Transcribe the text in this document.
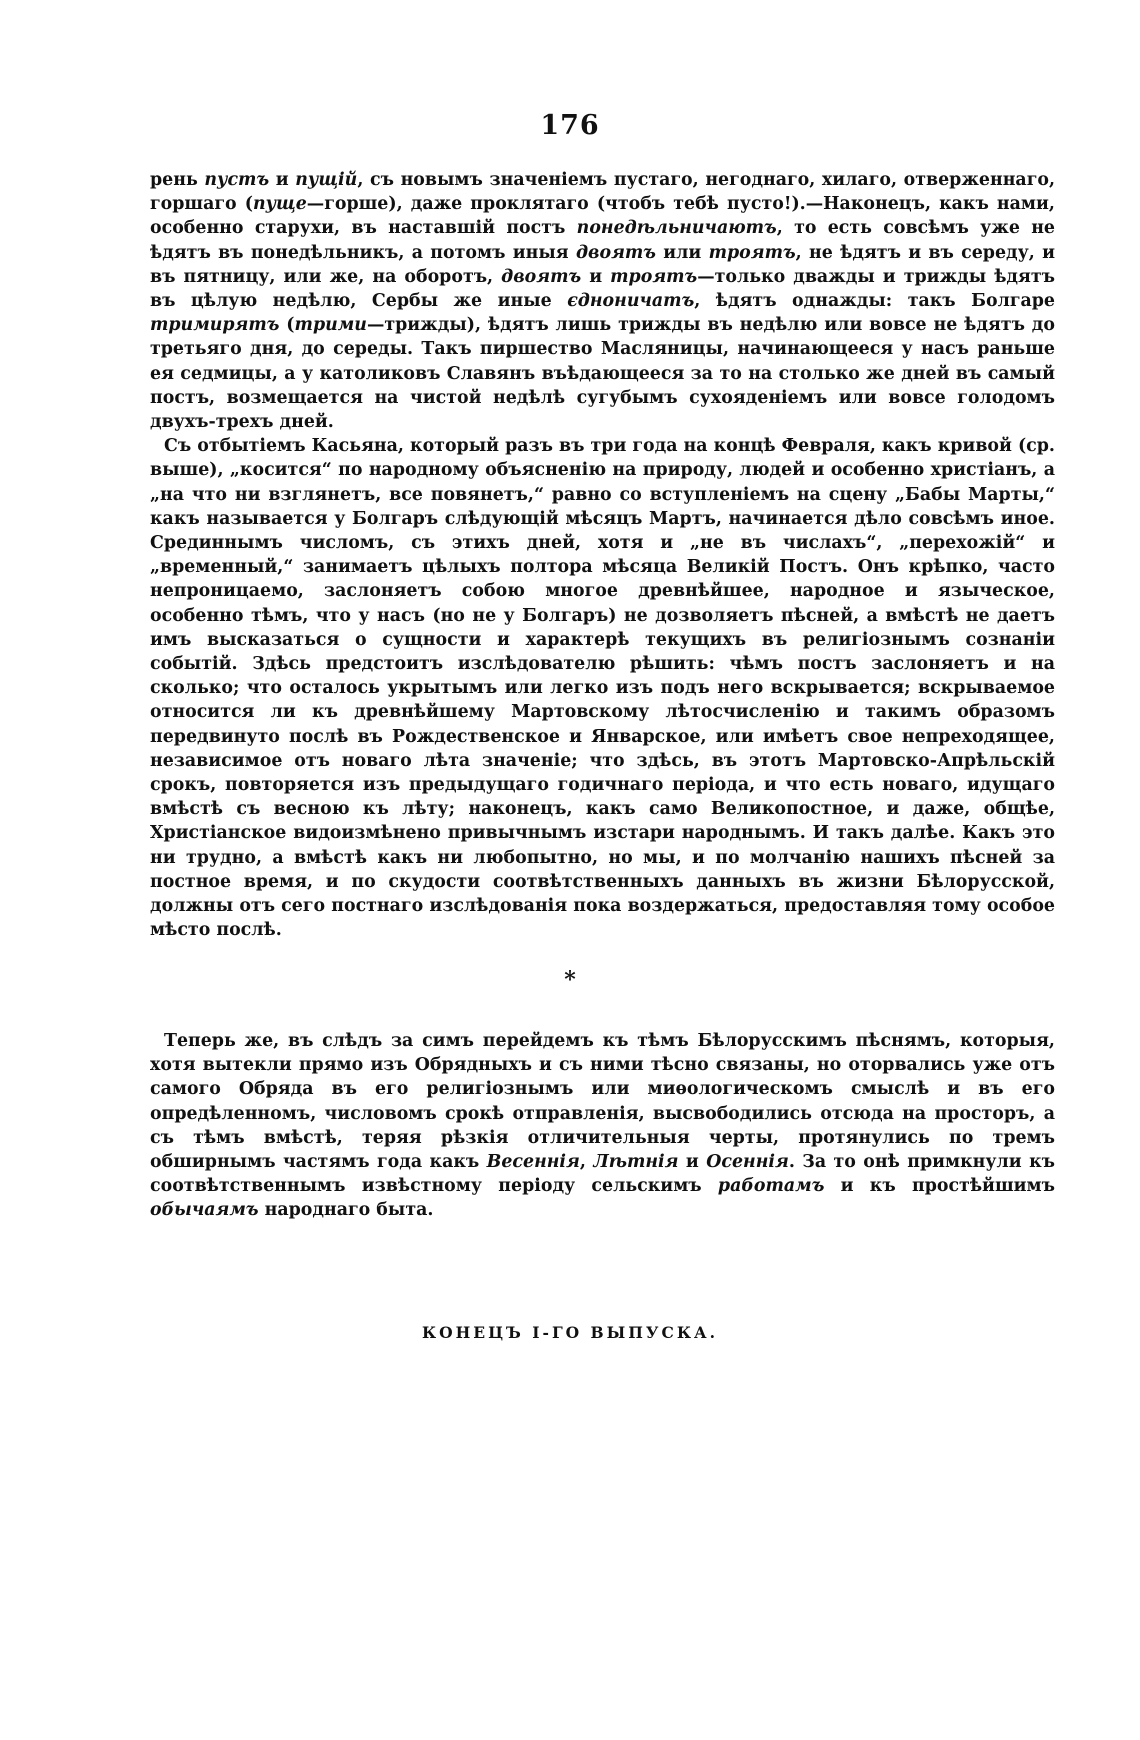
176

рень пустъ и пущій, съ новымъ значеніемъ пустаго, негоднаго, хилаго, отверженнаго, горшаго (пуще—горше), даже проклятаго (чтобъ тебѣ пусто!).—Наконецъ, какъ нами, особенно старухи, въ наставшій постъ понедѣльничаютъ, то есть совсѣмъ уже не ѣдятъ въ понедѣльникъ, а потомъ иныя двоятъ или троятъ, не ѣдятъ и въ середу, и въ пятницу, или же, на оборотъ, двоятъ и троятъ—только дважды и трижды ѣдятъ въ цѣлую недѣлю, Сербы же иные єдноничатъ, ѣдятъ однажды: такъ Болгаре тримирятъ (трими—трижды), ѣдятъ лишь трижды въ недѣлю или вовсе не ѣдятъ до третьяго дня, до середы. Такъ пиршество Масляницы, начинающееся у насъ раньше ея седмицы, а у католиковъ Славянъ въѣдающееся за то на столько же дней въ самый постъ, возмещается на чистой недѣлѣ сугубымъ сухояденіемъ или вовсе голодомъ двухъ-трехъ дней.

Съ отбытіемъ Касьяна, который разъ въ три года на концѣ Февраля, какъ кривой (ср. выше), „косится“ по народному объясненію на природу, людей и особенно христіанъ, а „на что ни взглянетъ, все повянетъ,“ равно со вступленіемъ на сцену „Бабы Марты,“ какъ называется у Болгаръ слѣдующій мѣсяцъ Мартъ, начинается дѣло совсѣмъ иное. Срединнымъ числомъ, съ этихъ дней, хотя и „не въ числахъ“, „перехожій“ и „временный,“ занимаетъ цѣлыхъ полтора мѣсяца Великій Постъ. Онъ крѣпко, часто непроницаемо, заслоняетъ собою многое древнѣйшее, народное и языческое, особенно тѣмъ, что у насъ (но не у Болгаръ) не дозволяетъ пѣсней, а вмѣстѣ не даетъ имъ высказаться о сущности и характерѣ текущихъ въ религіознымъ сознаніи событій. Здѣсь предстоитъ изслѣдователю рѣшить: чѣмъ постъ заслоняетъ и на сколько; что осталось укрытымъ или легко изъ подъ него вскрывается; вскрываемое относится ли къ древнѣйшему Мартовскому лѣтосчисленію и такимъ образомъ передвинуто послѣ въ Рождественское и Январское, или имѣетъ свое непреходящее, независимое отъ новаго лѣта значеніе; что здѣсь, въ этотъ Мартовско-Апрѣльскій срокъ, повторяется изъ предыдущаго годичнаго періода, и что есть новаго, идущаго вмѣстѣ съ весною къ лѣту; наконецъ, какъ само Великопостное, и даже, общѣе, Христіанское видоизмѣнено привычнымъ изстари народнымъ. И такъ далѣе. Какъ это ни трудно, а вмѣстѣ какъ ни любопытно, но мы, и по молчанію нашихъ пѣсней за постное время, и по скудости соотвѣтственныхъ данныхъ въ жизни Бѣлорусской, должны отъ сего постнаго изслѣдованія пока воздержаться, предоставляя тому особое мѣсто послѣ.

*

Теперь же, въ слѣдъ за симъ перейдемъ къ тѣмъ Бѣлорусскимъ пѣснямъ, которыя, хотя вытекли прямо изъ Обрядныхъ и съ ними тѣсно связаны, но оторвались уже отъ самого Обряда въ его религіознымъ или миѳологическомъ смыслѣ и въ его опредѣленномъ, числовомъ срокѣ отправленія, высвободились отсюда на просторъ, а съ тѣмъ вмѣстѣ, теряя рѣзкія отличительныя черты, протянулись по тремъ обширнымъ частямъ года какъ Весеннія, Лѣтнія и Осеннія. За то онѣ примкнули къ соотвѣтственнымъ извѣстному періоду сельскимъ работамъ и къ простѣйшимъ обычаямъ народнаго быта.

КОНЕЦЪ I-ГО ВЫПУСКА.
